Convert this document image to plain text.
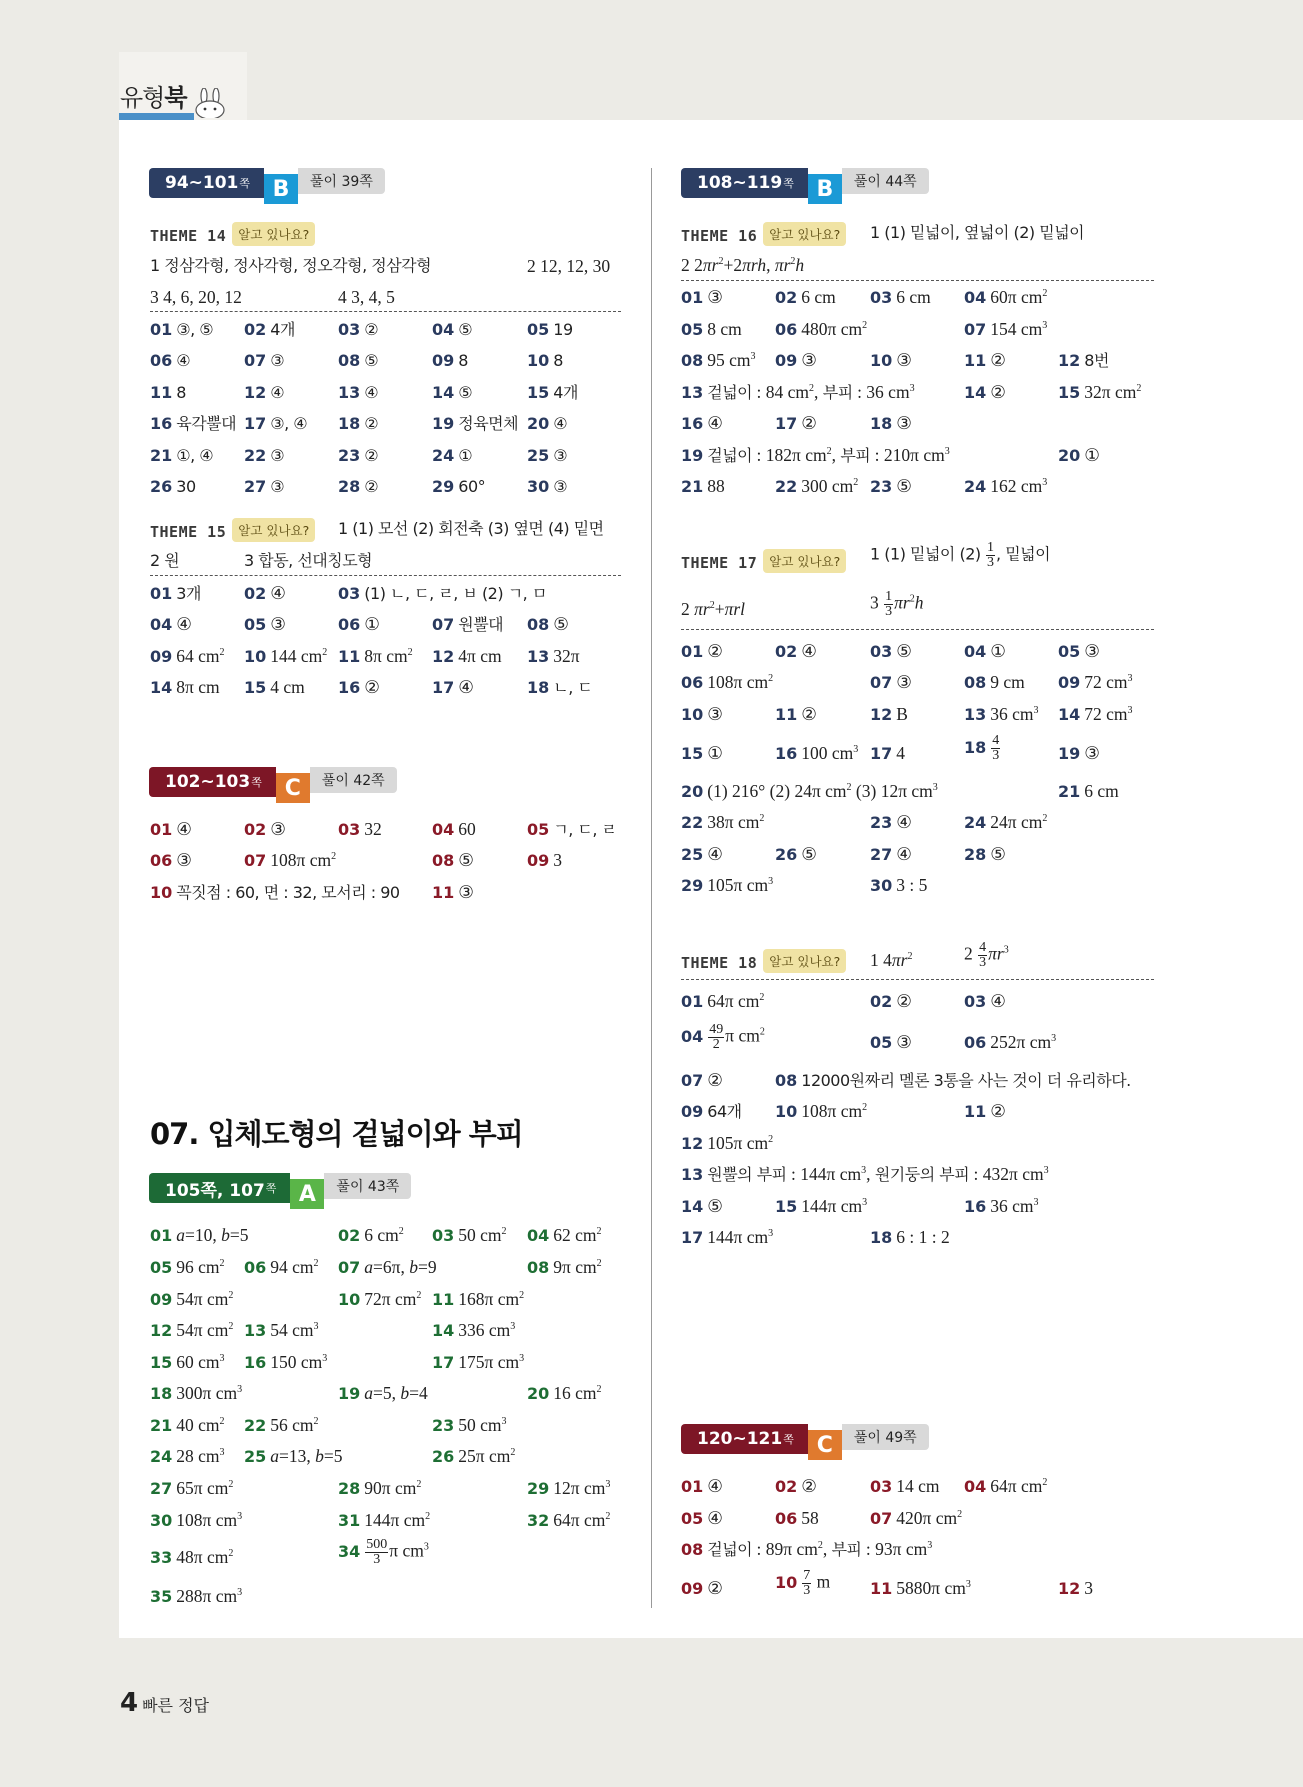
유형북
94~101 쪽	B	풀이 39쪽
THEME 14 알고 있나요?
1 정삼각형, 정사각형, 정오각형, 정삼각형	2 12, 12, 30
3 4, 6, 20, 12	4 3, 4, 5
01 ③, ⑤ 02 4개	03 ②	04 ⑤	05 19
06 ④	07 ③	08 ⑤	09 8	10 8
11 8	12 ④	13 ④	14 ⑤	15 4개
16 육각뿔대 17 ③, ④ 18 ②	19 정육면체 20 ④
21 ①, ④ 22 ③	23 ②	24 ①	25 ③
26 30	27 ③	28 ②	29 60°	30 ③
THEME 15 알고 있나요?	1 (1) 모선 (2) 회전축 (3) 옆면 (4) 밑면
2 원	3 합동, 선대칭도형
01 3개	02 ④	03 (1) ㄴ, ㄷ, ㄹ, ㅂ (2) ㄱ, ㅁ
04 ④	05 ③	06 ①	07 원뿔대 08 ⑤
09 64 $cm^2$ 10 144 $cm^2$ 11 8π $cm^2$ 12 4π cm 13 32π
14 8π cm 15 4 cm 16 ②	17 ④	18 ㄴ, ㄷ
102~103 쪽	C	풀이 42쪽
01 ④	02 ③	03 32	04 60	05 ㄱ, ㄷ, ㄹ
06 ③	07 108π $cm^2$	08 ⑤	09 3
10 꼭짓점 : 60, 면 : 32, 모서리 : 90 11 ③
07. 입체도형의 겉넓이와 부피
105쪽, 107 쪽	A	풀이 43쪽
01 a=10, b=5	02 6 $cm^2$ 03 50 $cm^2$ 04 62 $cm^2$
05 96 $cm^2$ 06 94 $cm^2$ 07 a=6π, b=9	08 9π $cm^2$
09 54π $cm^2$	10 72π $cm^2$ 11 168π $cm^2$
12 54π $cm^2$ 13 54 $cm^3$	14 336 $cm^3$
15 60 $cm^3$ 16 150 $cm^3$	17 175π $cm^3$
18 300π $cm^3$	19 a=5, b=4	20 16 $cm^2$
21 40 $cm^2$ 22 56 $cm^2$	23 50 $cm^3$
24 28 $cm^3$ 25 a=13, b=5	26 25π $cm^2$
27 65π $cm^2$	28 90π $cm^2$	29 12π $cm^3$
30 108π $cm^3$	31 144π $cm^2$	32 64π $cm^2$
33 48π $cm^2$	$34 \frac{500}{3}$ π $cm^3$
35 288π $cm^3$
108~119 쪽	B	풀이 44쪽
THEME 16 알고 있나요?	1 (1) 밑넓이, 옆넓이 (2) 밑넓이
2 $2\pi r^2+2\pi rh$, $\pi r^2h$
01 ③	02 6 cm 03 6 cm 04 60π $cm^2$
05 8 cm 06 480π $cm^2$	07 154 $cm^3$
08 95 $cm^3$ 09 ③	10 ③	11 ②	12 8번
13 겉넓이 : 84 $cm^2$, 부피 : 36 $cm^3$	14 ②	15 32π $cm^2$
16 ④	17 ②	18 ③
19 겉넓이 : 182π $cm^2$, 부피 : 210π $cm^3$	20 ①
21 88	22 300 $cm^2$ 23 ⑤	24 162 $cm^3$
THEME 17 알고 있나요?	1 (1) 밑넓이 $(2) \frac{1}{3}$ , 밑넓이
2 $\pi r^2+\pi rl$	$3 \frac{1}{3} \pi r^2h$
01 ②	02 ④	03 ⑤	04 ①	05 ③
06 108π $cm^2$	07 ③	08 9 cm 09 72 $cm^3$
10 ③	11 ②	12 B	13 36 $cm^3$ 14 72 $cm^3$
15 ①	16 100 $cm^3$ 17 4	$18 \frac{4}{3}$	19 ③
20 (1) 216° (2) 24π $cm^2$ (3) 12π $cm^3$	21 6 cm
22 38π $cm^2$	23 ④	24 24π $cm^2$
25 ④	26 ⑤	27 ④	28 ⑤
29 105π $cm^3$	30 3 : 5
THEME 18 알고 있나요?	1 $4\pi r^2$	$2 \frac{4}{3} \pi r^3$
01 64π $cm^2$	02 ②	03 ④
$04 \frac{49}{2}$ π $cm^2$
05 ③	06 252π $cm^3$
07 ②	08 12000원짜리 멜론 3통을 사는 것이 더 유리하다.
09 64개 10 108π $cm^2$	11 ②
12 105π $cm^2$
13 원뿔의 부피 : 144π $cm^3$, 원기둥의 부피 : 432π $cm^3$
14 ⑤	15 144π $cm^3$	16 36 $cm^3$
17 144π $cm^3$	18 6 : 1 : 2
120~121 쪽	C	풀이 49쪽
01 ④	02 ②	03 14 cm 04 64π $cm^2$
05 ④	06 58	07 420π $cm^2$
08 겉넓이 : 89π $cm^2$, 부피 : 93π $cm^3$
09 ②	$10 \frac{7}{3}$ m 11 5880π $cm^3$	12 3
4 빠른 정답
